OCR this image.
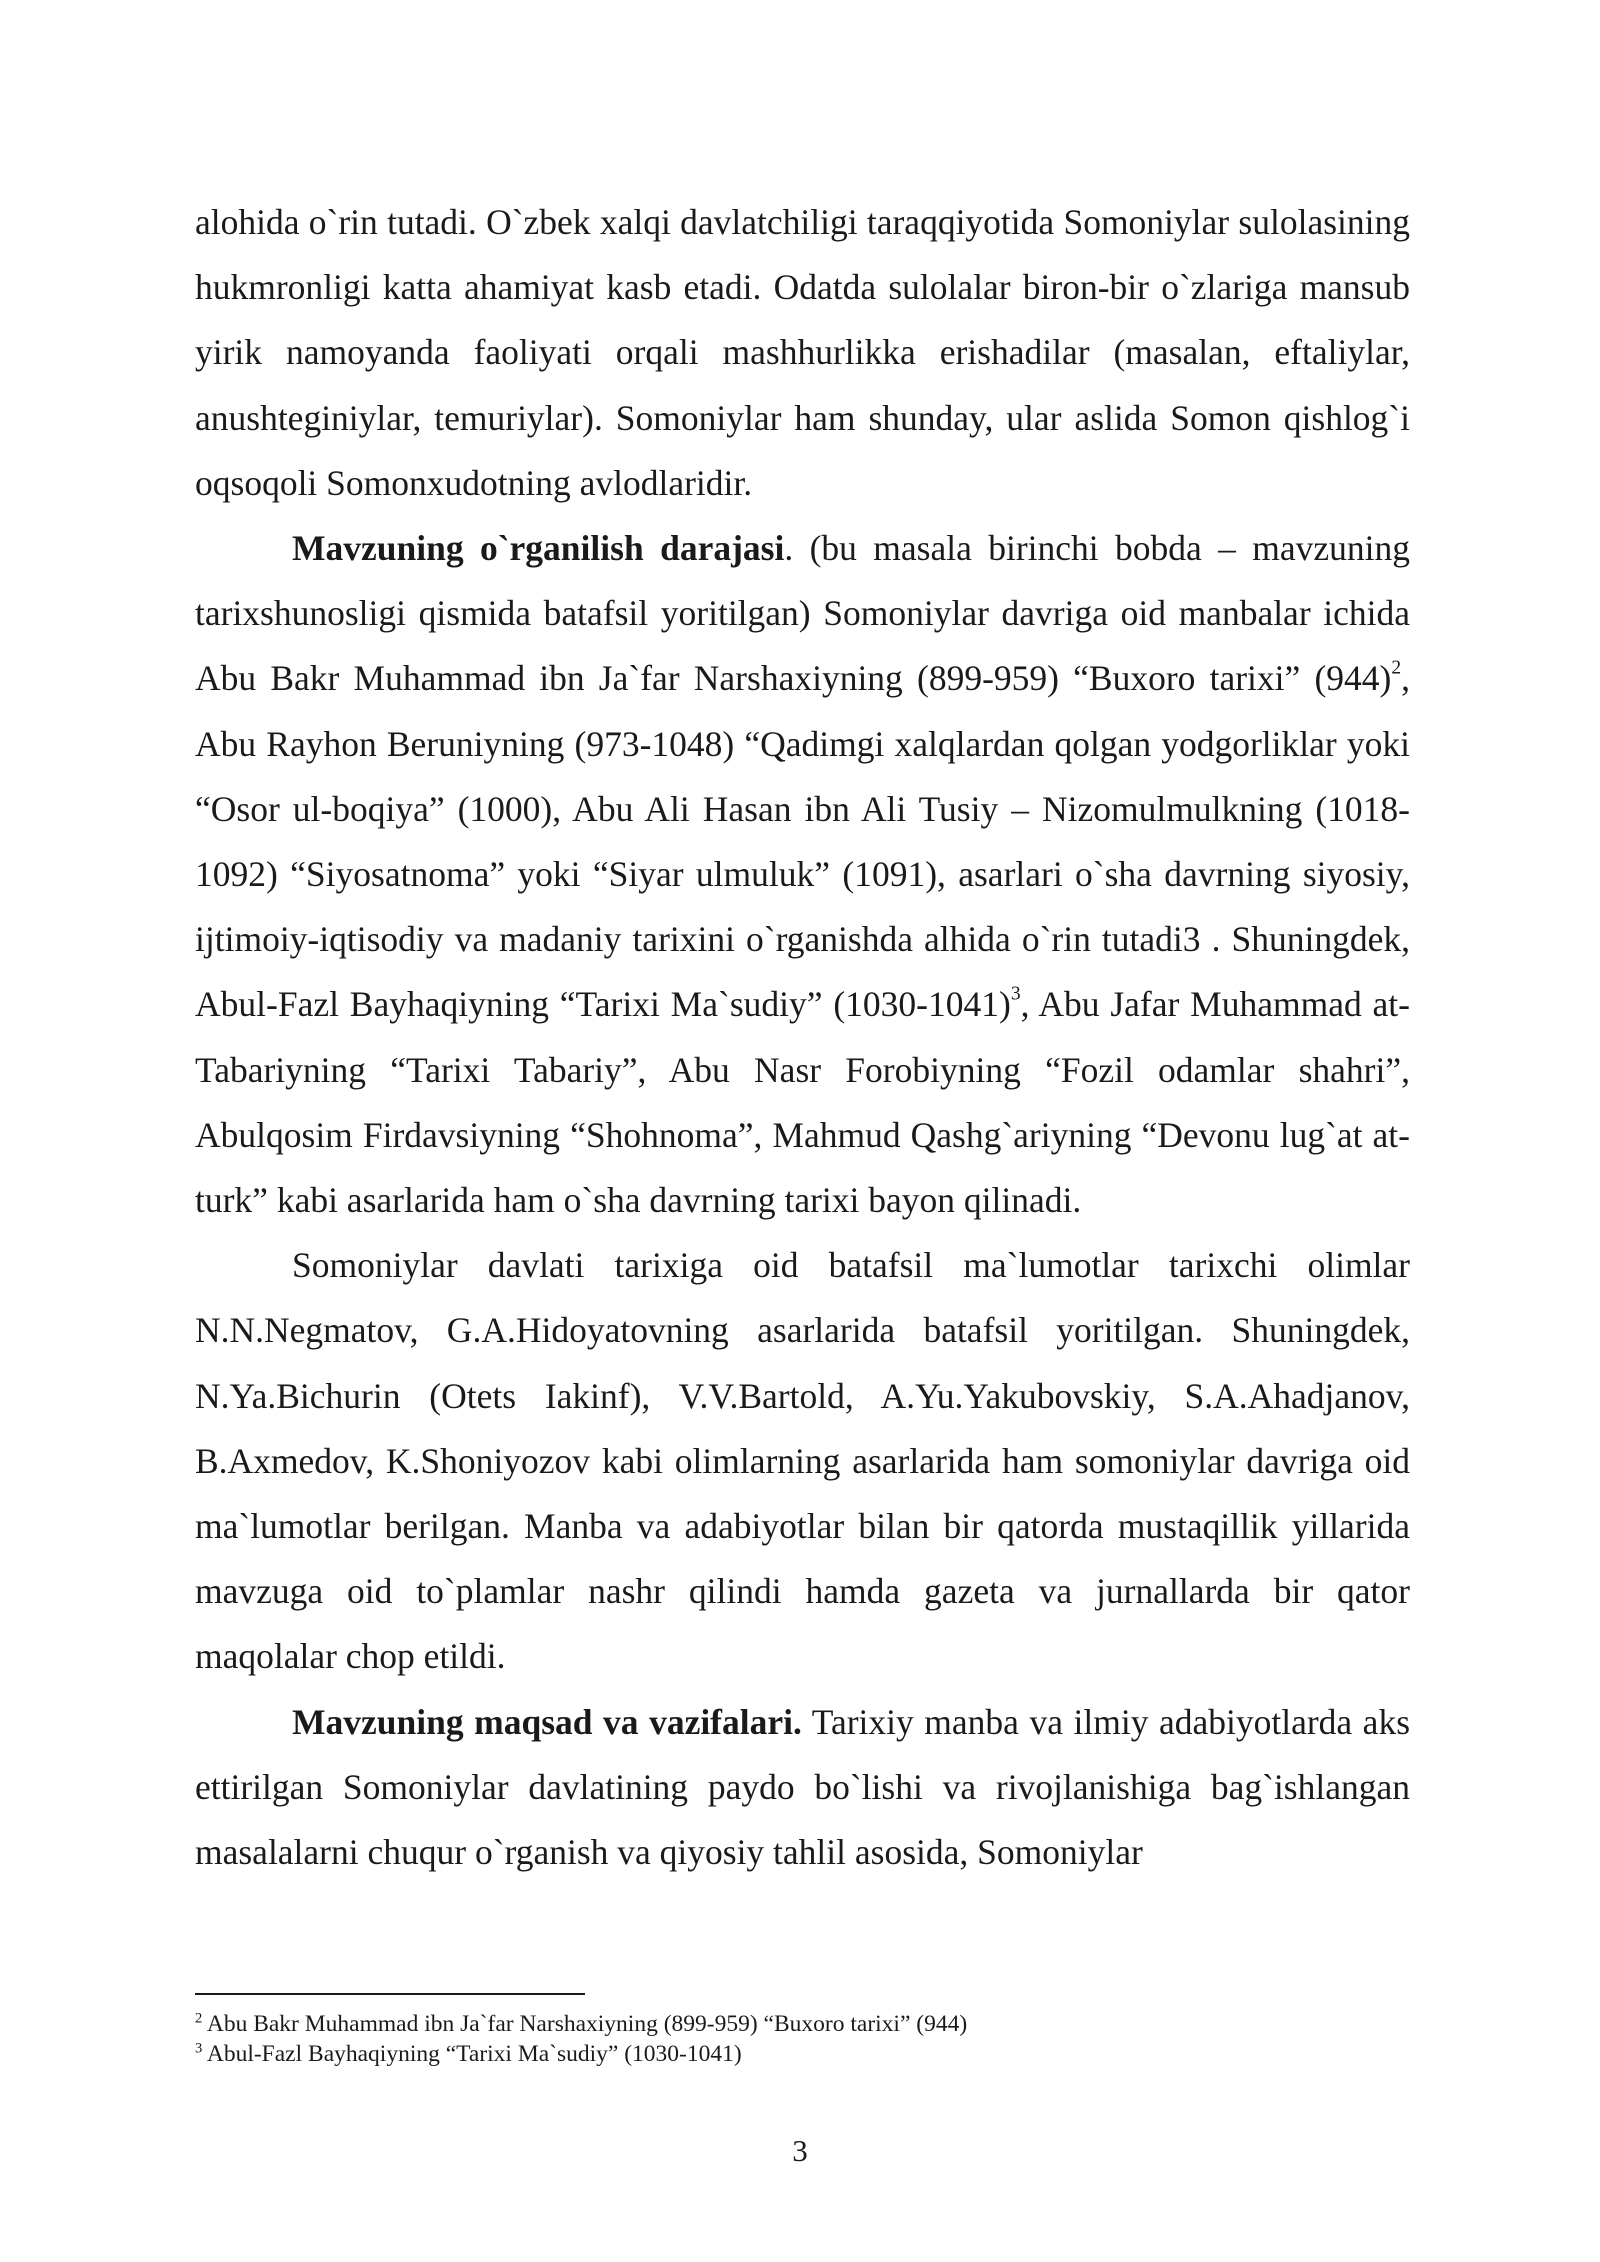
alohida o`rin tutadi. O`zbek xalqi davlatchiligi taraqqiyotida Somoniylar sulolasining hukmronligi katta ahamiyat kasb etadi. Odatda sulolalar biron-bir o`zlariga mansub yirik namoyanda faoliyati orqali mashhurlikka erishadilar (masalan, eftaliylar, anushteginiylar, temuriylar). Somoniylar ham shunday, ular aslida Somon qishlog`i oqsoqoli Somonxudotning avlodlaridir.

Mavzuning o`rganilish darajasi. (bu masala birinchi bobda – mavzuning tarixshunosligi qismida batafsil yoritilgan) Somoniylar davriga oid manbalar ichida Abu Bakr Muhammad ibn Ja`far Narshaxiyning (899-959) “Buxoro tarixi” $(944)^2$, Abu Rayhon Beruniyning (973-1048) “Qadimgi xalqlardan qolgan yodgorliklar yoki “Osor ul-boqiya” (1000), Abu Ali Hasan ibn Ali Tusiy – Nizomulmulkning (1018-1092) “Siyosatnoma” yoki “Siyar ulmuluk” (1091), asarlari o`sha davrning siyosiy, ijtimoiy-iqtisodiy va madaniy tarixini o`rganishda alhida o`rin tutadi3 . Shuningdek, Abul-Fazl Bayhaqiyning “Tarixi Ma`sudiy” (1030-1041)$^3$, Abu Jafar Muhammad at-Tabariyning “Tarixi Tabariy”, Abu Nasr Forobiyning “Fozil odamlar shahri”, Abulqosim Firdavsiyning “Shohnoma”, Mahmud Qashg`ariyning “Devonu lug`at at-turk” kabi asarlarida ham o`sha davrning tarixi bayon qilinadi.

Somoniylar davlati tarixiga oid batafsil ma`lumotlar tarixchi olimlar N.N.Negmatov, G.A.Hidoyatovning asarlarida batafsil yoritilgan. Shuningdek, N.Ya.Bichurin (Otets Iakinf), V.V.Bartold, A.Yu.Yakubovskiy, S.A.Ahadjanov, B.Axmedov, K.Shoniyozov kabi olimlarning asarlarida ham somoniylar davriga oid ma`lumotlar berilgan. Manba va adabiyotlar bilan bir qatorda mustaqillik yillarida mavzuga oid to`plamlar nashr qilindi hamda gazeta va jurnallarda bir qator maqolalar chop etildi.

Mavzuning maqsad va vazifalari. Tarixiy manba va ilmiy adabiyotlarda aks ettirilgan Somoniylar davlatining paydo bo`lishi va rivojlanishiga bag`ishlangan masalalarni chuqur o`rganish va qiyosiy tahlil asosida, Somoniylar

$^2$ Abu Bakr Muhammad ibn Ja`far Narshaxiyning (899-959) “Buxoro tarixi” (944)
$^3$ Abul-Fazl Bayhaqiyning “Tarixi Ma`sudiy” (1030-1041)
3
